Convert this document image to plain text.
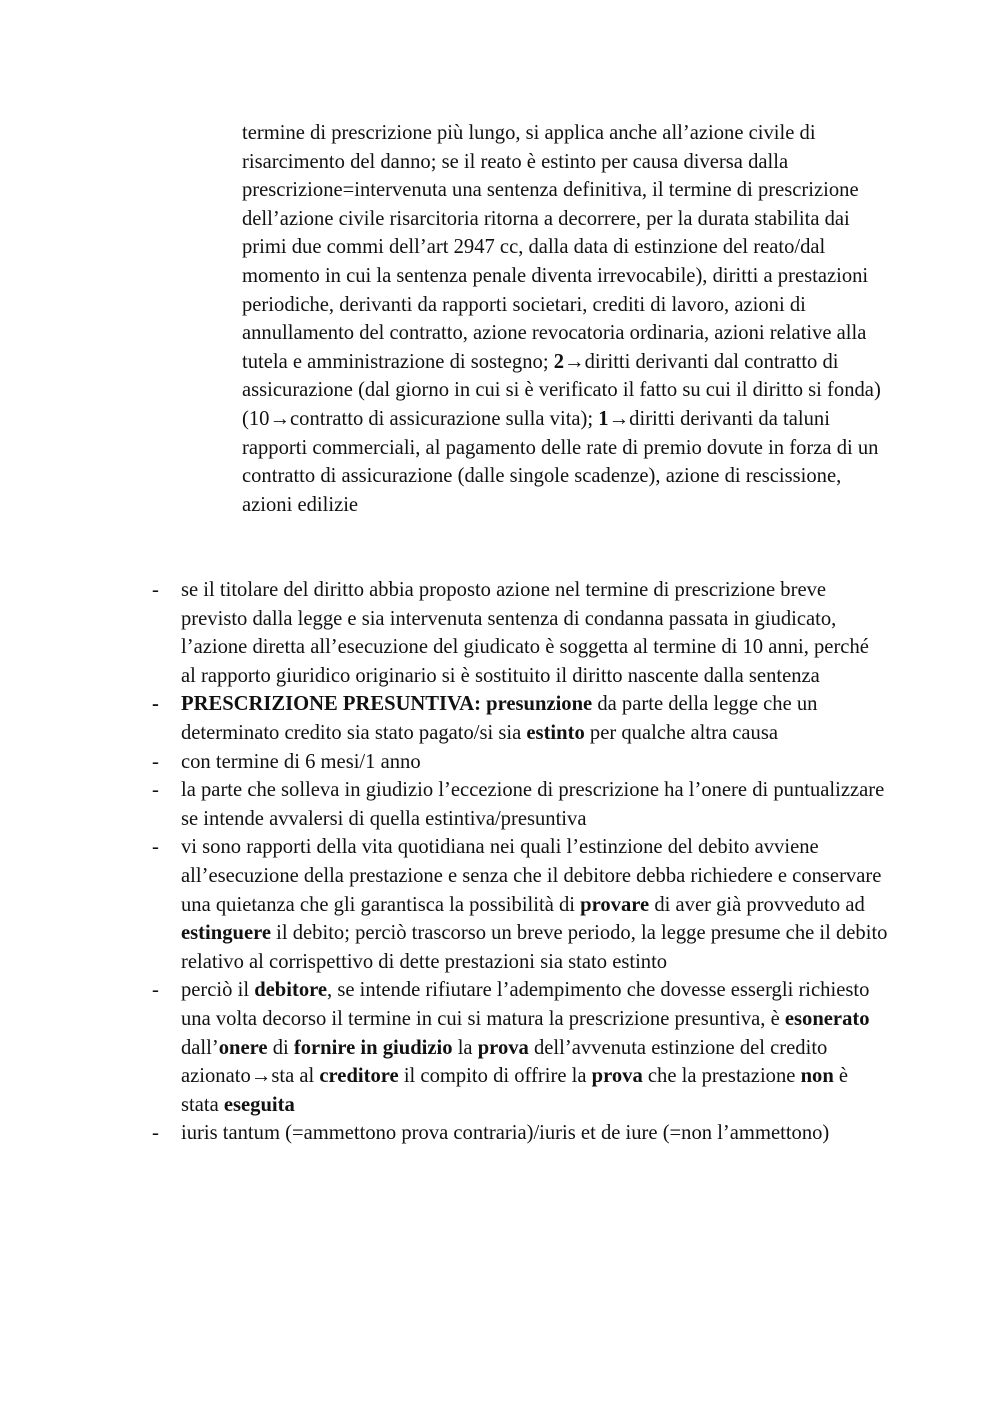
termine di prescrizione più lungo, si applica anche all’azione civile di risarcimento del danno; se il reato è estinto per causa diversa dalla prescrizione=intervenuta una sentenza definitiva, il termine di prescrizione dell’azione civile risarcitoria ritorna a decorrere, per la durata stabilita dai primi due commi dell’art 2947 cc, dalla data di estinzione del reato/dal momento in cui la sentenza penale diventa irrevocabile), diritti a prestazioni periodiche, derivanti da rapporti societari, crediti di lavoro, azioni di annullamento del contratto, azione revocatoria ordinaria, azioni relative alla tutela e amministrazione di sostegno; 2→diritti derivanti dal contratto di assicurazione (dal giorno in cui si è verificato il fatto su cui il diritto si fonda)(10→contratto di assicurazione sulla vita); 1→diritti derivanti da taluni rapporti commerciali, al pagamento delle rate di premio dovute in forza di un contratto di assicurazione (dalle singole scadenze), azione di rescissione, azioni edilizie

- se il titolare del diritto abbia proposto azione nel termine di prescrizione breve previsto dalla legge e sia intervenuta sentenza di condanna passata in giudicato, l’azione diretta all’esecuzione del giudicato è soggetta al termine di 10 anni, perché al rapporto giuridico originario si è sostituito il diritto nascente dalla sentenza
- PRESCRIZIONE PRESUNTIVA: presunzione da parte della legge che un determinato credito sia stato pagato/si sia estinto per qualche altra causa
- con termine di 6 mesi/1 anno
- la parte che solleva in giudizio l’eccezione di prescrizione ha l’onere di puntualizzare se intende avvalersi di quella estintiva/presuntiva
- vi sono rapporti della vita quotidiana nei quali l’estinzione del debito avviene all’esecuzione della prestazione e senza che il debitore debba richiedere e conservare una quietanza che gli garantisca la possibilità di provare di aver già provveduto ad estinguere il debito; perciò trascorso un breve periodo, la legge presume che il debito relativo al corrispettivo di dette prestazioni sia stato estinto
- perciò il debitore, se intende rifiutare l’adempimento che dovesse essergli richiesto una volta decorso il termine in cui si matura la prescrizione presuntiva, è esonerato dall’onere di fornire in giudizio la prova dell’avvenuta estinzione del credito azionato→sta al creditore il compito di offrire la prova che la prestazione non è stata eseguita
- iuris tantum (=ammettono prova contraria)/iuris et de iure (=non l’ammettono)
